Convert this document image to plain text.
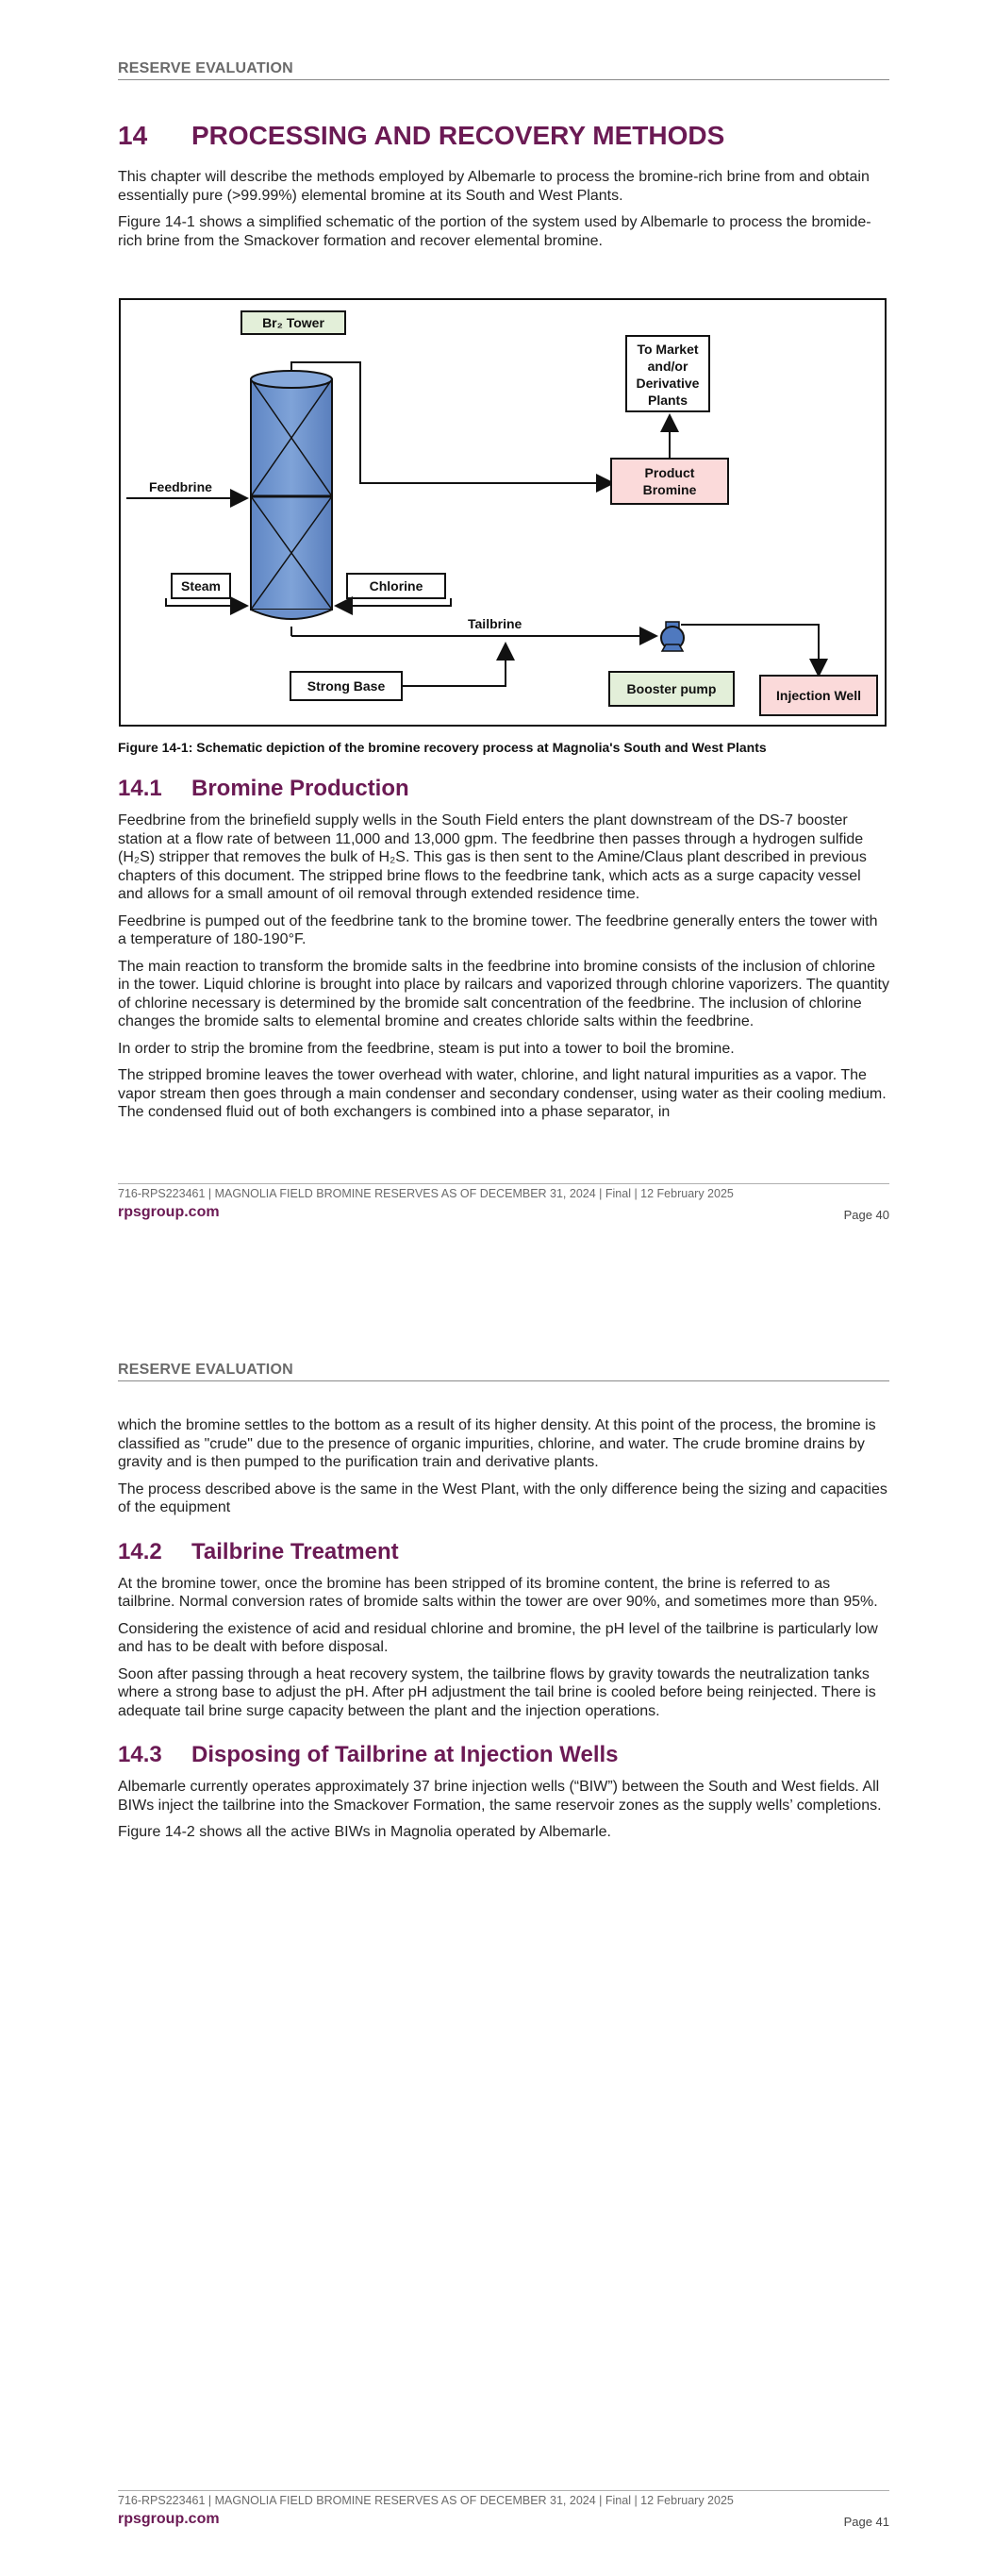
RESERVE EVALUATION
14 PROCESSING AND RECOVERY METHODS

This chapter will describe the methods employed by Albemarle to process the bromine-rich brine from and obtain essentially pure (>99.99%) elemental bromine at its South and West Plants.

Figure 14-1 shows a simplified schematic of the portion of the system used by Albemarle to process the bromide-rich brine from the Smackover formation and recover elemental bromine.

Br₂ Tower
To Market
and/or
Derivative
Plants
Product
Bromine
Feedbrine
Steam	Chlorine
Tailbrine
Strong Base	Booster pump	Injection Well
Figure 14-1: Schematic depiction of the bromine recovery process at Magnolia's South and West Plants
14.1 Bromine Production

Feedbrine from the brinefield supply wells in the South Field enters the plant downstream of the DS-7 booster station at a flow rate of between 11,000 and 13,000 gpm. The feedbrine then passes through a hydrogen sulfide (H₂S) stripper that removes the bulk of H₂S. This gas is then sent to the Amine/Claus plant described in previous chapters of this document. The stripped brine flows to the feedbrine tank, which acts as a surge capacity vessel and allows for a small amount of oil removal through extended residence time.

Feedbrine is pumped out of the feedbrine tank to the bromine tower. The feedbrine generally enters the tower with a temperature of 180-190°F.

The main reaction to transform the bromide salts in the feedbrine into bromine consists of the inclusion of chlorine in the tower. Liquid chlorine is brought into place by railcars and vaporized through chlorine vaporizers. The quantity of chlorine necessary is determined by the bromide salt concentration of the feedbrine. The inclusion of chlorine changes the bromide salts to elemental bromine and creates chloride salts within the feedbrine.

In order to strip the bromine from the feedbrine, steam is put into a tower to boil the bromine.

The stripped bromine leaves the tower overhead with water, chlorine, and light natural impurities as a vapor. The vapor stream then goes through a main condenser and secondary condenser, using water as their cooling medium. The condensed fluid out of both exchangers is combined into a phase separator, in

716-RPS223461 | MAGNOLIA FIELD BROMINE RESERVES AS OF DECEMBER 31, 2024 | Final | 12 February 2025
rpsgroup.com	Page 40
RESERVE EVALUATION

which the bromine settles to the bottom as a result of its higher density. At this point of the process, the bromine is classified as "crude" due to the presence of organic impurities, chlorine, and water. The crude bromine drains by gravity and is then pumped to the purification train and derivative plants.

The process described above is the same in the West Plant, with the only difference being the sizing and capacities of the equipment

14.2 Tailbrine Treatment

At the bromine tower, once the bromine has been stripped of its bromine content, the brine is referred to as tailbrine. Normal conversion rates of bromide salts within the tower are over 90%, and sometimes more than 95%.

Considering the existence of acid and residual chlorine and bromine, the pH level of the tailbrine is particularly low and has to be dealt with before disposal.

Soon after passing through a heat recovery system, the tailbrine flows by gravity towards the neutralization tanks where a strong base to adjust the pH. After pH adjustment the tail brine is cooled before being reinjected. There is adequate tail brine surge capacity between the plant and the injection operations.

14.3 Disposing of Tailbrine at Injection Wells

Albemarle currently operates approximately 37 brine injection wells (“BIW”) between the South and West fields. All BIWs inject the tailbrine into the Smackover Formation, the same reservoir zones as the supply wells’ completions.

Figure 14-2 shows all the active BIWs in Magnolia operated by Albemarle.

716-RPS223461 | MAGNOLIA FIELD BROMINE RESERVES AS OF DECEMBER 31, 2024 | Final | 12 February 2025
rpsgroup.com	Page 41
